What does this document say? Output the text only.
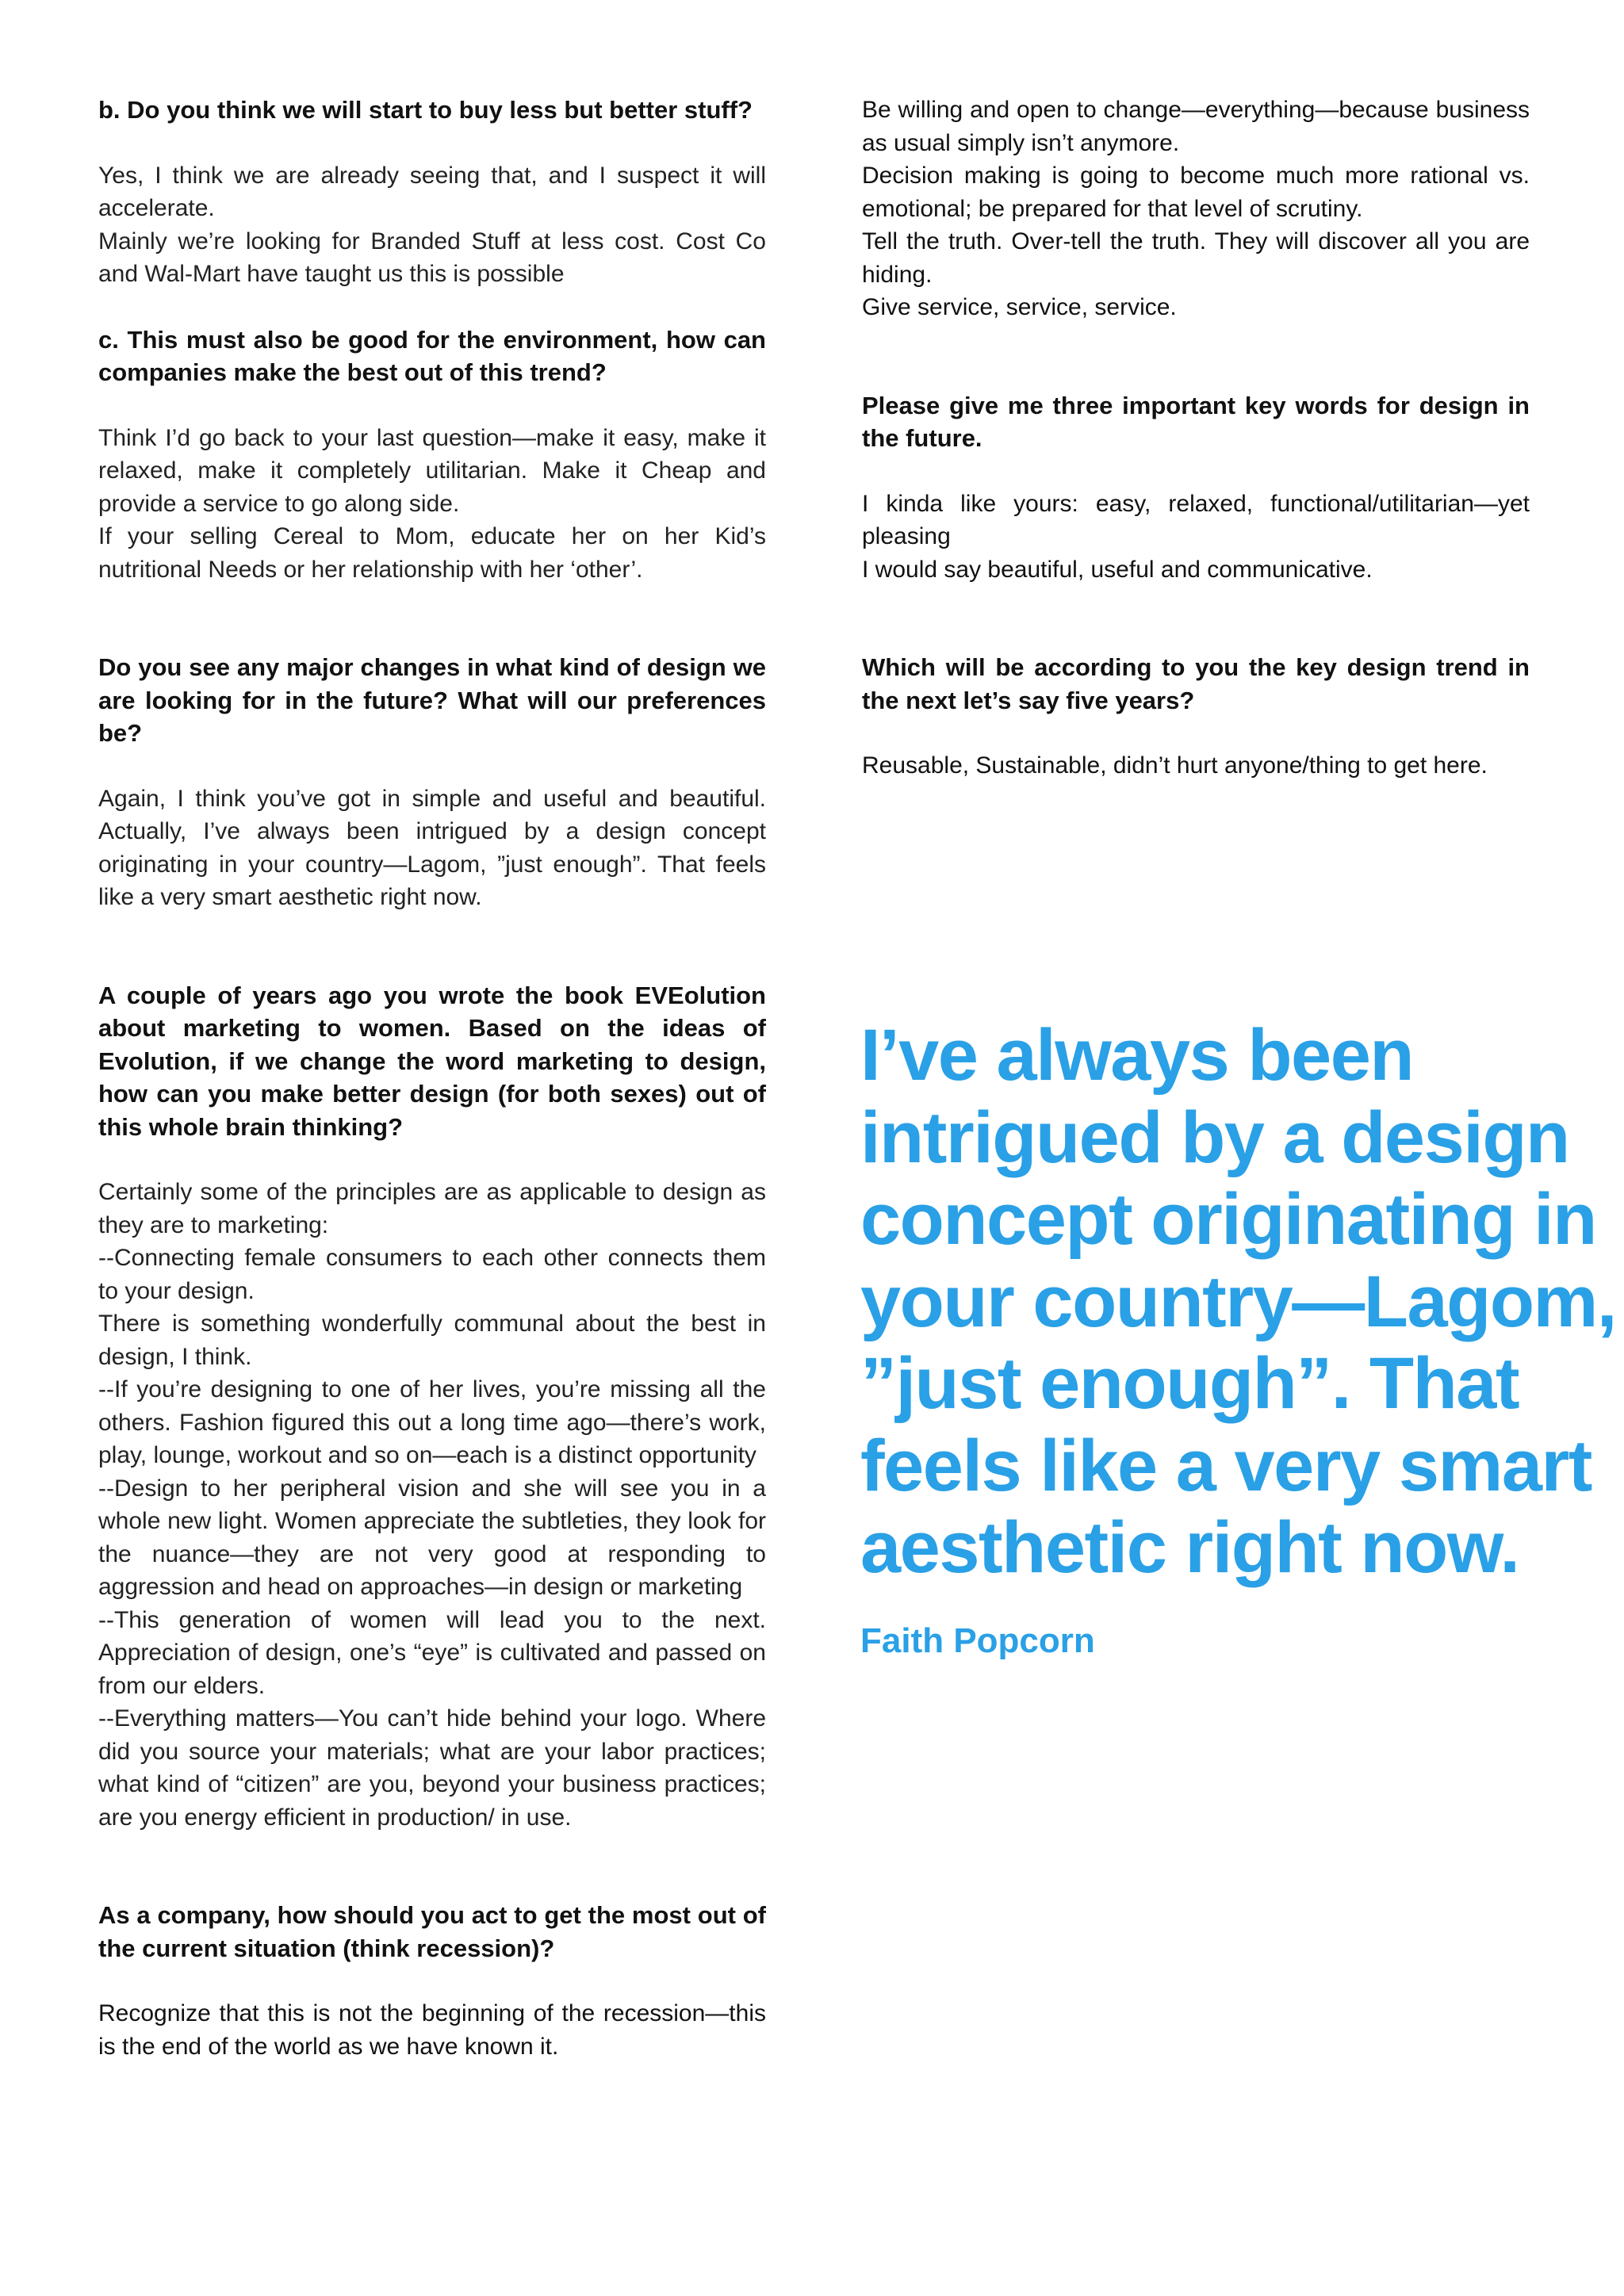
b. Do you think we will start to buy less but better stuff?

Yes, I think we are already seeing that, and I suspect it will accelerate.

Mainly we’re looking for Branded Stuff at less cost. Cost Co and Wal-Mart have taught us this is possible

c. This must also be good for the environment, how can companies make the best out of this trend?

Think I’d go back to your last question—make it easy, make it relaxed, make it completely utilitarian. Make it Cheap and provide a service to go along side.

If your selling Cereal to Mom, educate her on her Kid’s nutritional Needs or her relationship with her ‘other’.

Do you see any major changes in what kind of design we are looking for in the future? What will our preferences be?

Again, I think you’ve got in simple and useful and beautiful. Actually, I’ve always been intrigued by a design concept originating in your country—Lagom, ”just enough”. That feels like a very smart aesthetic right now.

A couple of years ago you wrote the book EVEolution about marketing to women. Based on the ideas of Evolution, if we change the word marketing to design, how can you make better design (for both sexes) out of this whole brain thinking?

Certainly some of the principles are as applicable to design as they are to marketing:

--Connecting female consumers to each other connects them to your design.

There is something wonderfully communal about the best in design, I think.

--If you’re designing to one of her lives, you’re missing all the others. Fashion figured this out a long time ago—there’s work, play, lounge, workout and so on—each is a distinct opportunity

--Design to her peripheral vision and she will see you in a whole new light. Women appreciate the subtleties, they look for the nuance—they are not very good at responding to aggression and head on approaches—in design or marketing

--This generation of women will lead you to the next. Appreciation of design, one’s “eye” is cultivated and passed on from our elders.

--Everything matters—You can’t hide behind your logo. Where did you source your materials; what are your labor practices; what kind of “citizen” are you, beyond your business practices; are you energy efficient in production/ in use.

As a company, how should you act to get the most out of the current situation (think recession)?

Recognize that this is not the beginning of the recession—this is the end of the world as we have known it.

Be willing and open to change—everything—because business as usual simply isn’t anymore.

Decision making is going to become much more rational vs. emotional; be prepared for that level of scrutiny.

Tell the truth. Over-tell the truth. They will discover all you are hiding.

Give service, service, service.

Please give me three important key words for design in the future.

I kinda like yours: easy, relaxed, functional/utilitarian—yet pleasing

I would say beautiful, useful and communicative.

Which will be according to you the key design trend in the next let’s say five years?

Reusable, Sustainable, didn’t hurt anyone/thing to get here.

I’ve always been intrigued by a design concept originating in your country—Lagom, ”just enough”. That feels like a very smart aesthetic right now.

Faith Popcorn
